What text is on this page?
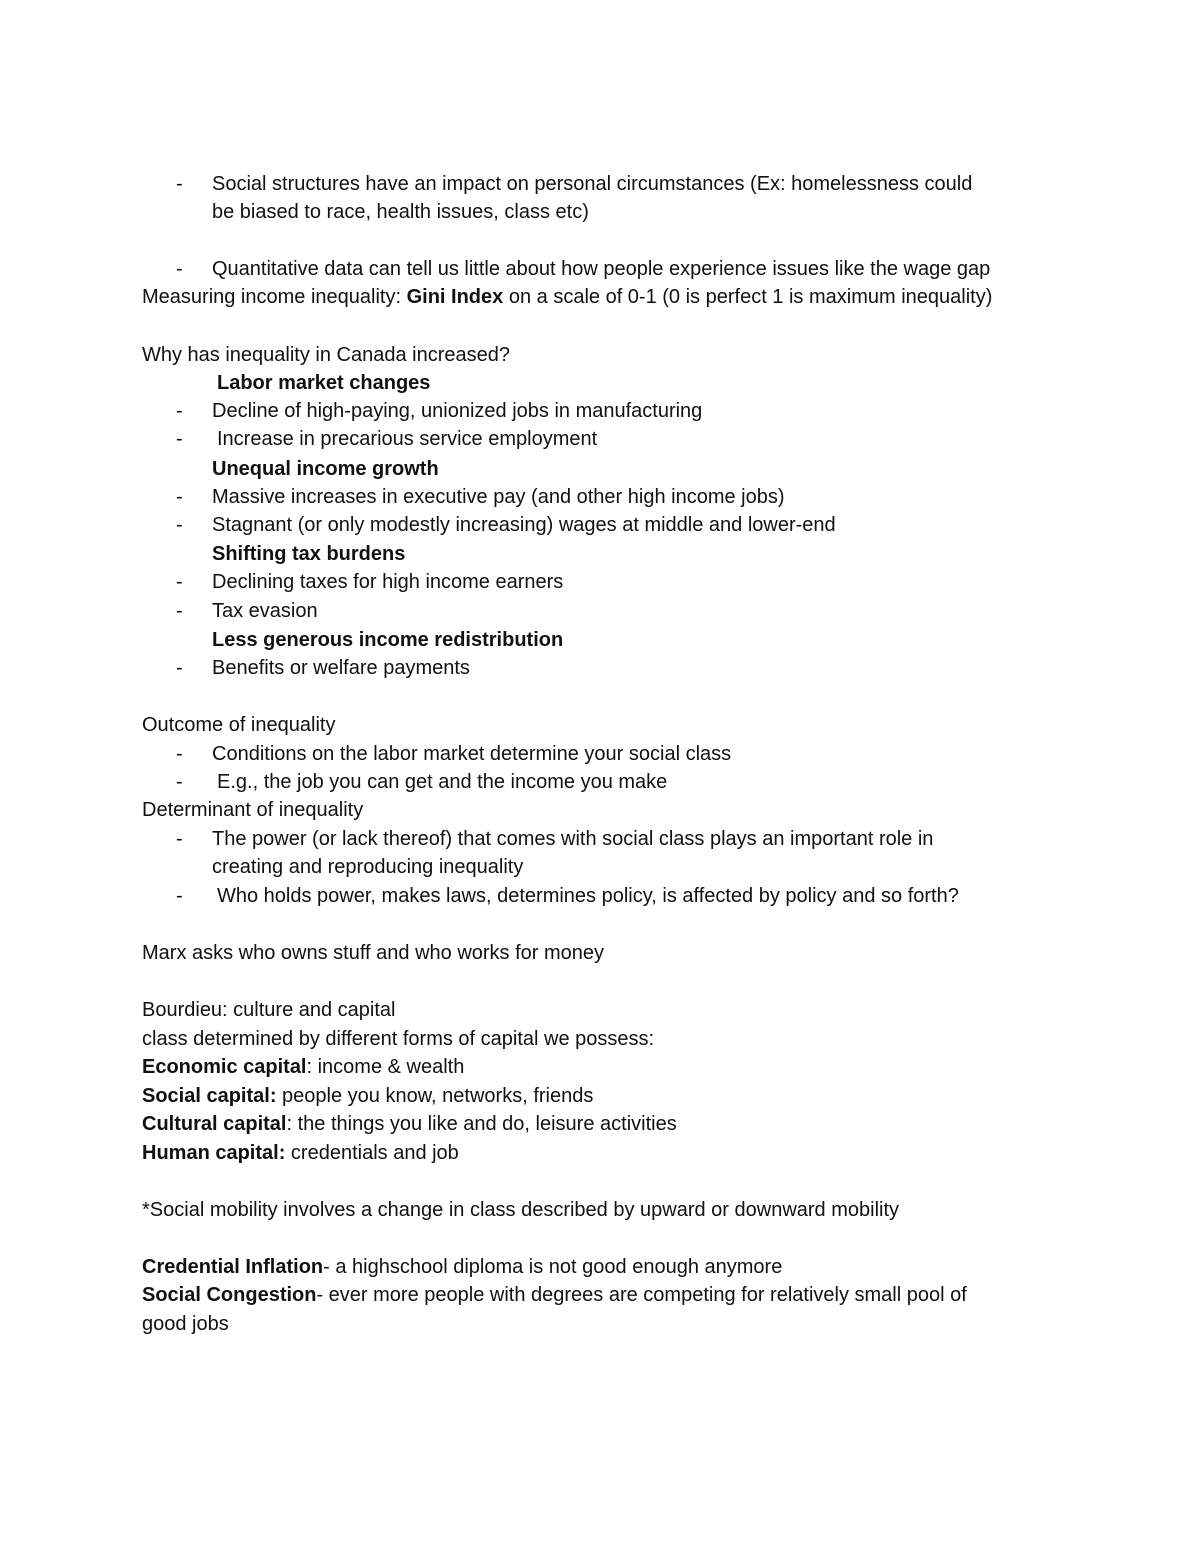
- Social structures have an impact on personal circumstances (Ex: homelessness could
be biased to race, health issues, class etc)
- Quantitative data can tell us little about how people experience issues like the wage gap
Measuring income inequality: Gini Index on a scale of 0-1 (0 is perfect 1 is maximum inequality)
Why has inequality in Canada increased?
Labor market changes
- Decline of high-paying, unionized jobs in manufacturing
- Increase in precarious service employment
Unequal income growth
- Massive increases in executive pay (and other high income jobs)
- Stagnant (or only modestly increasing) wages at middle and lower-end
Shifting tax burdens
- Declining taxes for high income earners
- Tax evasion
Less generous income redistribution
- Benefits or welfare payments
Outcome of inequality
- Conditions on the labor market determine your social class
- E.g., the job you can get and the income you make
Determinant of inequality
- The power (or lack thereof) that comes with social class plays an important role in
creating and reproducing inequality
- Who holds power, makes laws, determines policy, is affected by policy and so forth?
Marx asks who owns stuff and who works for money
Bourdieu: culture and capital
class determined by different forms of capital we possess:
Economic capital: income & wealth
Social capital: people you know, networks, friends
Cultural capital: the things you like and do, leisure activities
Human capital: credentials and job
*Social mobility involves a change in class described by upward or downward mobility
Credential Inflation- a highschool diploma is not good enough anymore
Social Congestion- ever more people with degrees are competing for relatively small pool of
good jobs
